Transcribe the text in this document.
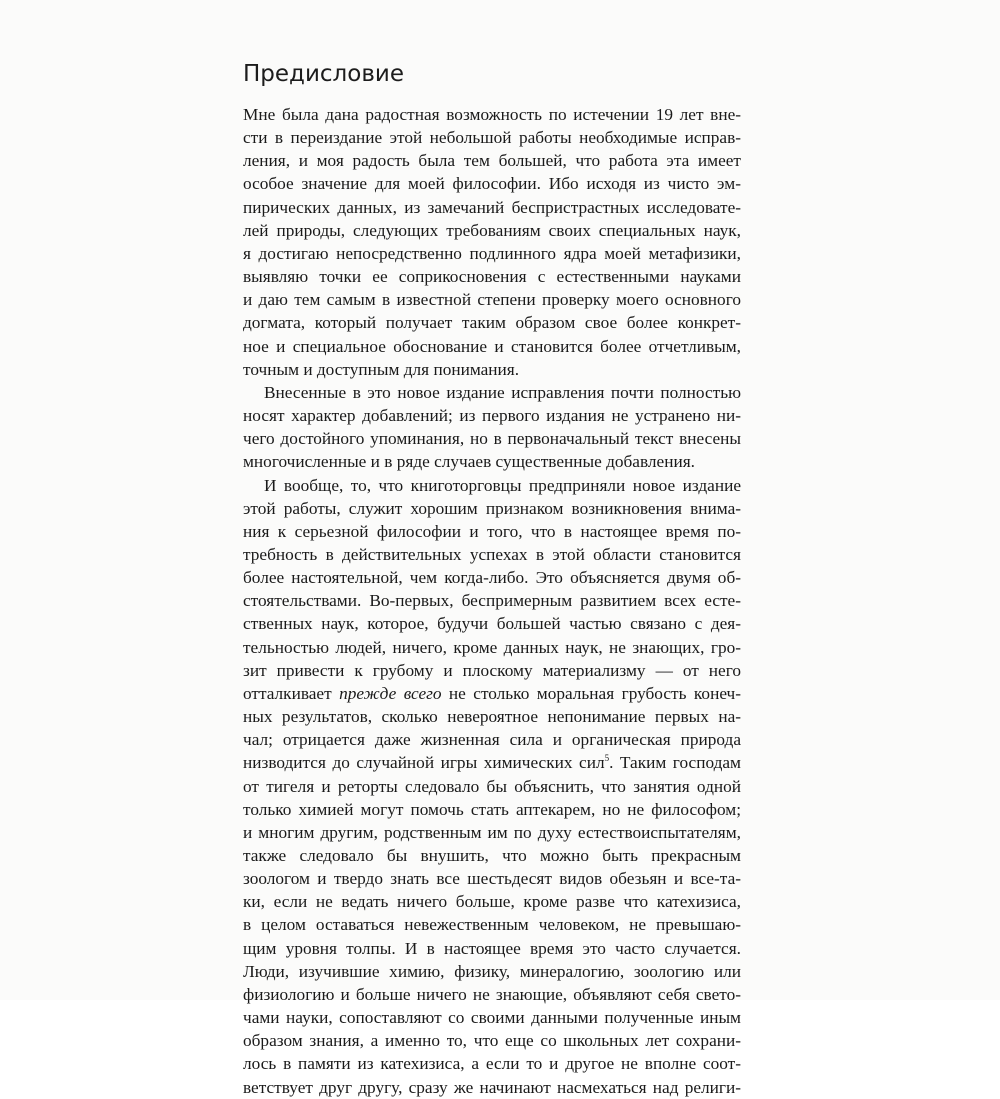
Предисловие
Мне была дана радостная возможность по истечении 19 лет вне-
сти в переиздание этой небольшой работы необходимые исправ-
ления, и моя радость была тем большей, что работа эта имеет
особое значение для моей философии. Ибо исходя из чисто эм-
пирических данных, из замечаний беспристрастных исследовате-
лей природы, следующих требованиям своих специальных наук,
я достигаю непосредственно подлинного ядра моей метафизики,
выявляю точки ее соприкосновения с естественными науками
и даю тем самым в известной степени проверку моего основного
догмата, который получает таким образом свое более конкрет-
ное и специальное обоснование и становится более отчетливым,
точным и доступным для понимания.
Внесенные в это новое издание исправления почти полностью
носят характер добавлений; из первого издания не устранено ни-
чего достойного упоминания, но в первоначальный текст внесены
многочисленные и в ряде случаев существенные добавления.
И вообще, то, что книготорговцы предприняли новое издание
этой работы, служит хорошим признаком возникновения внима-
ния к серьезной философии и того, что в настоящее время по-
требность в действительных успехах в этой области становится
более настоятельной, чем когда-либо. Это объясняется двумя об-
стоятельствами. Во-первых, беспримерным развитием всех есте-
ственных наук, которое, будучи большей частью связано с дея-
тельностью людей, ничего, кроме данных наук, не знающих, гро-
зит привести к грубому и плоскому материализму — от него
отталкивает прежде всего не столько моральная грубость конеч-
ных результатов, сколько невероятное непонимание первых на-
чал; отрицается даже жизненная сила и органическая природа
низводится до случайной игры химических сил$^5$. Таким господам
от тигеля и реторты следовало бы объяснить, что занятия одной
только химией могут помочь стать аптекарем, но не философом;
и многим другим, родственным им по духу естествоиспытателям,
также следовало бы внушить, что можно быть прекрасным
зоологом и твердо знать все шестьдесят видов обезьян и все-та-
ки, если не ведать ничего больше, кроме разве что катехизиса,
в целом оставаться невежественным человеком, не превышаю-
щим уровня толпы. И в настоящее время это часто случается.
Люди, изучившие химию, физику, минералогию, зоологию или
физиологию и больше ничего не знающие, объявляют себя свето-
чами науки, сопоставляют со своими данными полученные иным
образом знания, а именно то, что еще со школьных лет сохрани-
лось в памяти из катехизиса, а если то и другое не вполне соот-
ветствует друг другу, сразу же начинают насмехаться над религи-
